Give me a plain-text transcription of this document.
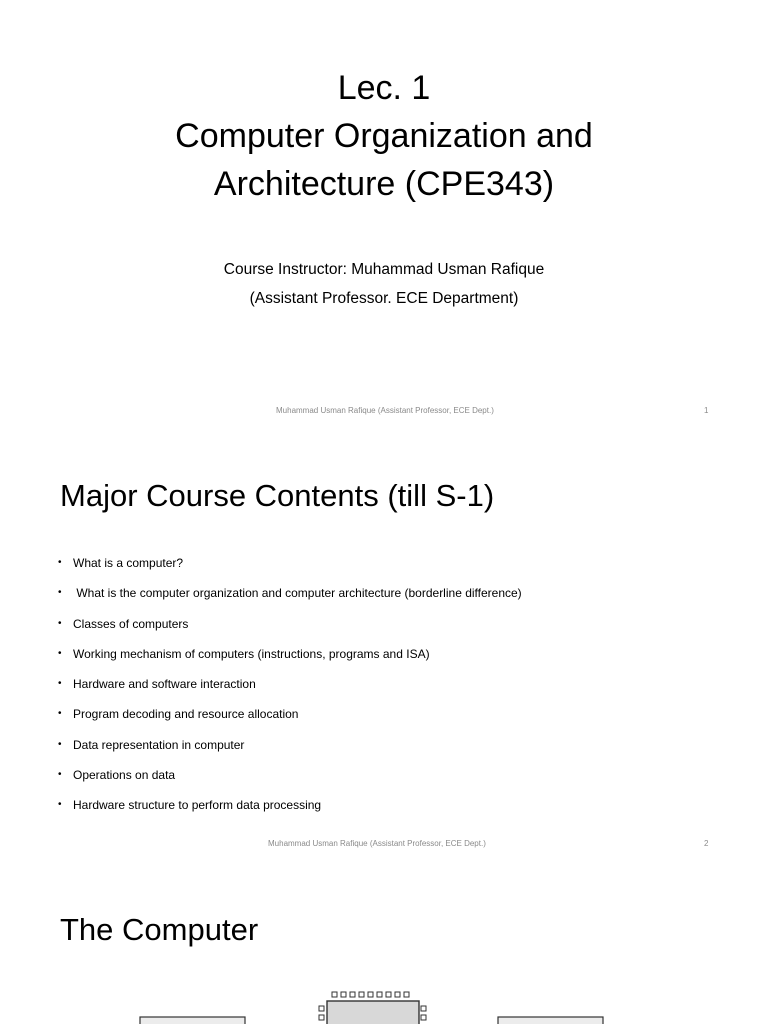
Lec. 1
Computer Organization and
Architecture (CPE343)
Course Instructor: Muhammad Usman Rafique
(Assistant Professor. ECE Department)
Muhammad Usman Rafique (Assistant Professor, ECE Dept.)	1
Major Course Contents (till S-1)
• What is a computer?
• What is the computer organization and computer architecture (borderline difference)
• Classes of computers
• Working mechanism of computers (instructions, programs and ISA)
• Hardware and software interaction
• Program decoding and resource allocation
• Data representation in computer
• Operations on data
• Hardware structure to perform data processing
Muhammad Usman Rafique (Assistant Professor, ECE Dept.)	2
The Computer
